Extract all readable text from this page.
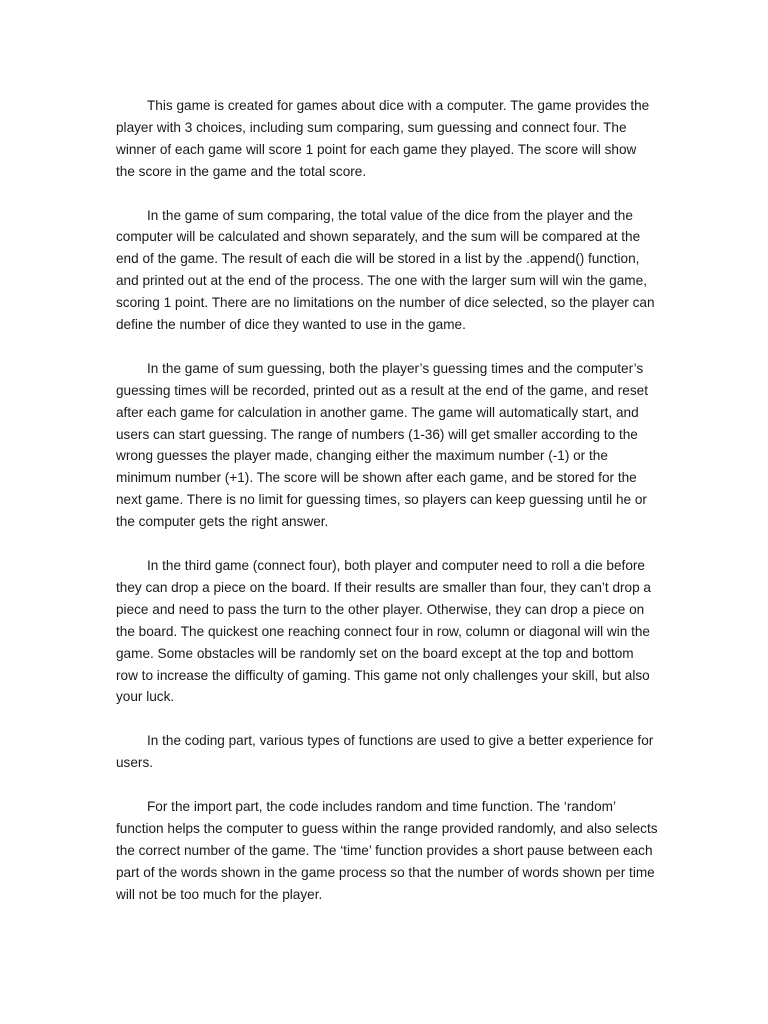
This game is created for games about dice with a computer. The game provides the player with 3 choices, including sum comparing, sum guessing and connect four. The winner of each game will score 1 point for each game they played. The score will show the score in the game and the total score.

In the game of sum comparing, the total value of the dice from the player and the computer will be calculated and shown separately, and the sum will be compared at the end of the game. The result of each die will be stored in a list by the .append() function, and printed out at the end of the process. The one with the larger sum will win the game, scoring 1 point. There are no limitations on the number of dice selected, so the player can define the number of dice they wanted to use in the game.

In the game of sum guessing, both the player’s guessing times and the computer’s guessing times will be recorded, printed out as a result at the end of the game, and reset after each game for calculation in another game. The game will automatically start, and users can start guessing. The range of numbers (1-36) will get smaller according to the wrong guesses the player made, changing either the maximum number (-1) or the minimum number (+1). The score will be shown after each game, and be stored for the next game. There is no limit for guessing times, so players can keep guessing until he or the computer gets the right answer.

In the third game (connect four), both player and computer need to roll a die before they can drop a piece on the board. If their results are smaller than four, they can’t drop a piece and need to pass the turn to the other player. Otherwise, they can drop a piece on the board. The quickest one reaching connect four in row, column or diagonal will win the game. Some obstacles will be randomly set on the board except at the top and bottom row to increase the difficulty of gaming. This game not only challenges your skill, but also your luck.

In the coding part, various types of functions are used to give a better experience for users.

For the import part, the code includes random and time function. The ‘random’ function helps the computer to guess within the range provided randomly, and also selects the correct number of the game. The ‘time’ function provides a short pause between each part of the words shown in the game process so that the number of words shown per time will not be too much for the player.
